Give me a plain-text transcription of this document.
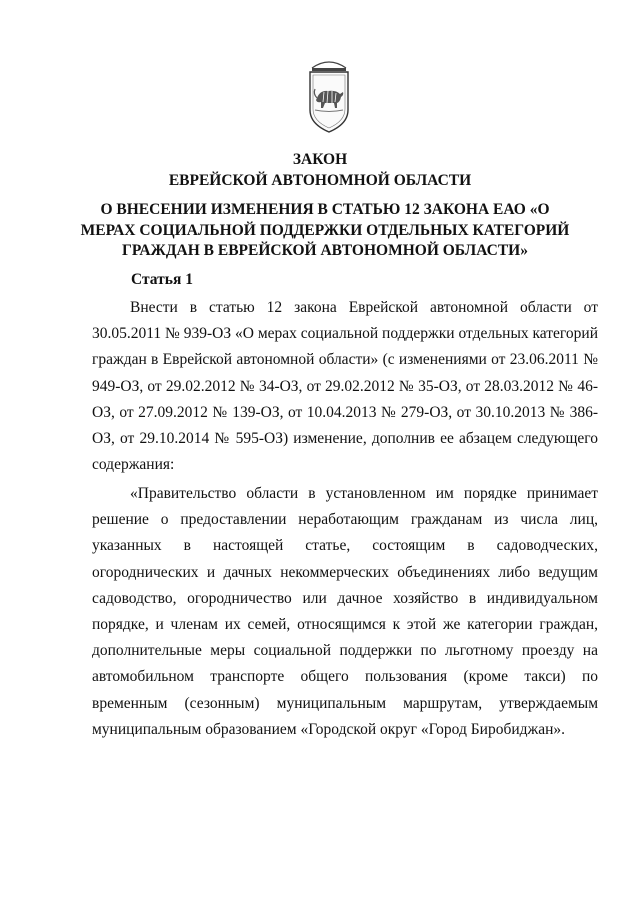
ЗАКОН

ЕВРЕЙСКОЙ АВТОНОМНОЙ ОБЛАСТИ

О ВНЕСЕНИИ ИЗМЕНЕНИЯ В СТАТЬЮ 12 ЗАКОНА ЕАО «О МЕРАХ СОЦИАЛЬНОЙ ПОДДЕРЖКИ ОТДЕЛЬНЫХ КАТЕГОРИЙ ГРАЖДАН В ЕВРЕЙСКОЙ АВТОНОМНОЙ ОБЛАСТИ»

Статья 1

Внести в статью 12 закона Еврейской автономной области от 30.05.2011 № 939-ОЗ «О мерах социальной поддержки отдельных категорий граждан в Еврейской автономной области» (с изменениями от 23.06.2011 № 949-ОЗ, от 29.02.2012 № 34-ОЗ, от 29.02.2012 № 35-ОЗ, от 28.03.2012 № 46-ОЗ, от 27.09.2012 № 139-ОЗ, от 10.04.2013 № 279-ОЗ, от 30.10.2013 № 386-ОЗ, от 29.10.2014 № 595-ОЗ) изменение, дополнив ее абзацем следующего содержания:

«Правительство области в установленном им порядке принимает решение о предоставлении неработающим гражданам из числа лиц, указанных в настоящей статье, состоящим в садоводческих, огороднических и дачных некоммерческих объединениях либо ведущим садоводство, огородничество или дачное хозяйство в индивидуальном порядке, и членам их семей, относящимся к этой же категории граждан, дополнительные меры социальной поддержки по льготному проезду на автомобильном транспорте общего пользования (кроме такси) по временным (сезонным) муниципальным маршрутам, утверждаемым муниципальным образованием «Городской округ «Город Биробиджан».
